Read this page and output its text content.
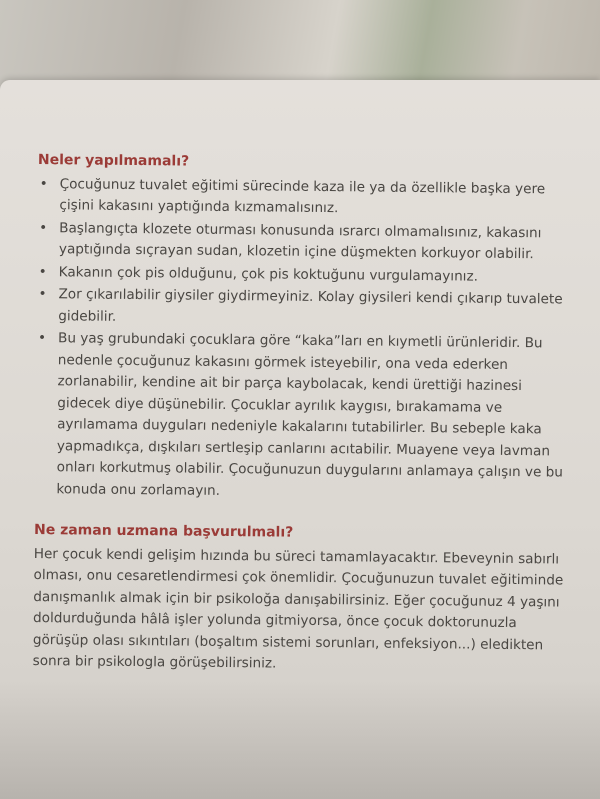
Neler yapılmamalı?

• Çocuğunuz tuvalet eğitimi sürecinde kaza ile ya da özellikle başka yere çişini kakasını yaptığında kızmamalısınız.
• Başlangıçta klozete oturması konusunda ısrarcı olmamalısınız, kakasını yaptığında sıçrayan sudan, klozetin içine düşmekten korkuyor olabilir.
• Kakanın çok pis olduğunu, çok pis koktuğunu vurgulamayınız.
• Zor çıkarılabilir giysiler giydirmeyiniz. Kolay giysileri kendi çıkarıp tuvalete gidebilir.
• Bu yaş grubundaki çocuklara göre “kaka”ları en kıymetli ürünleridir. Bu nedenle çocuğunuz kakasını görmek isteyebilir, ona veda ederken zorlanabilir, kendine ait bir parça kaybolacak, kendi ürettiği hazinesi gidecek diye düşünebilir. Çocuklar ayrılık kaygısı, bırakamama ve ayrılamama duyguları nedeniyle kakalarını tutabilirler. Bu sebeple kaka yapmadıkça, dışkıları sertleşip canlarını acıtabilir. Muayene veya lavman onları korkutmuş olabilir. Çocuğunuzun duygularını anlamaya çalışın ve bu konuda onu zorlamayın.

Ne zaman uzmana başvurulmalı?

Her çocuk kendi gelişim hızında bu süreci tamamlayacaktır. Ebeveynin sabırlı olması, onu cesaretlendirmesi çok önemlidir. Çocuğunuzun tuvalet eğitiminde danışmanlık almak için bir psikoloğa danışabilirsiniz. Eğer çocuğunuz 4 yaşını doldurduğunda hâlâ işler yolunda gitmiyorsa, önce çocuk doktorunuzla görüşüp olası sıkıntıları (boşaltım sistemi sorunları, enfeksiyon...) eledikten sonra bir psikologla görüşebilirsiniz.
